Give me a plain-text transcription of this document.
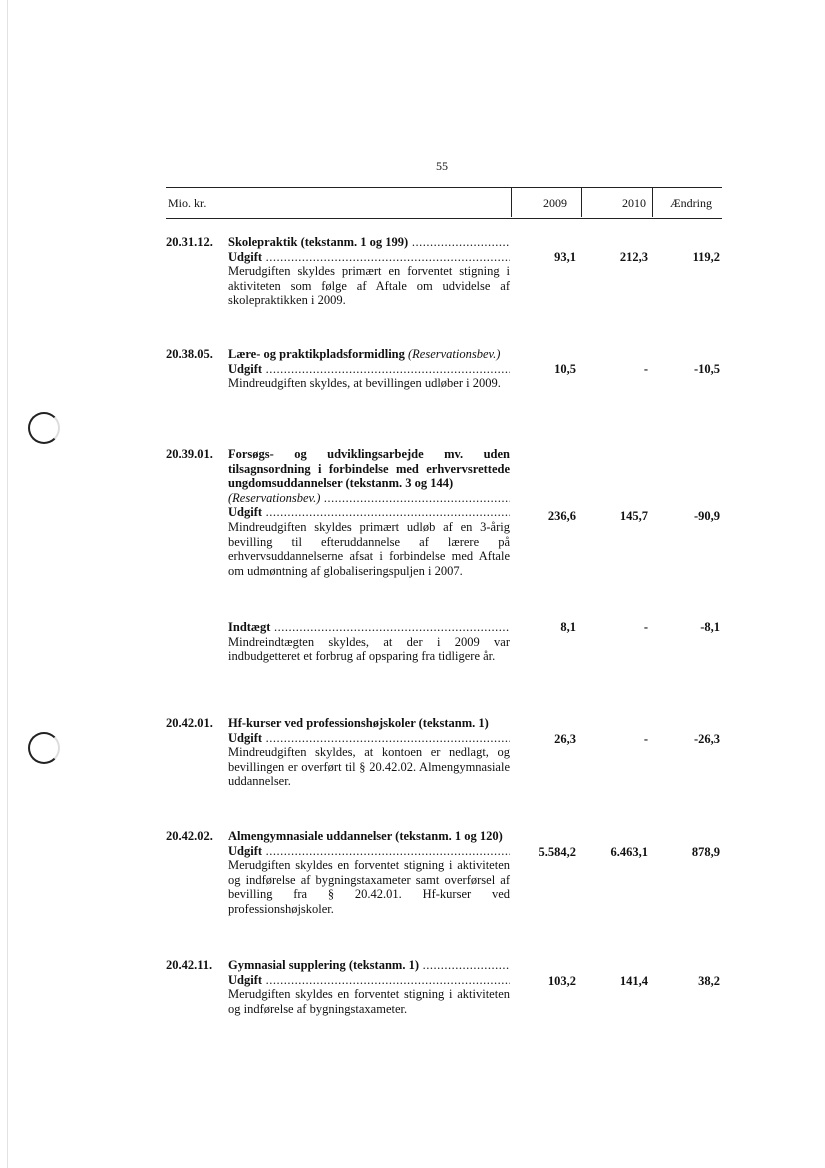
55
Mio. kr.	2009	2010	Ændring
20.31.12. Skolepraktik (tekstanm. 1 og 199) .....
Udgift .....
Merudgiften skyldes primært en forventet stigning i aktiviteten som følge af Aftale om udvidelse af skolepraktikken i 2009.
93,1	212,3	119,2
20.38.05. Lære- og praktikpladsformidling (Reservationsbev.)
Udgift .....
Mindreudgiften skyldes, at bevillingen udløber i 2009.
10,5	-	-10,5
20.39.01. Forsøgs- og udviklingsarbejde mv. uden tilsagnsordning i forbindelse med erhvervsrettede ungdomsuddannelser (tekstanm. 3 og 144)
(Reservationsbev.) .....
Udgift .....
Mindreudgiften skyldes primært udløb af en 3-årig bevilling til efteruddannelse af lærere på erhvervsuddannelserne afsat i forbindelse med Aftale om udmøntning af globaliseringspuljen i 2007.
236,6	145,7	-90,9
Indtægt .....
Mindreindtægten skyldes, at der i 2009 var indbudgetteret et forbrug af opsparing fra tidligere år.
8,1	-	-8,1
20.42.01. Hf-kurser ved professionshøjskoler (tekstanm. 1)
Udgift .....
Mindreudgiften skyldes, at kontoen er nedlagt, og bevillingen er overført til § 20.42.02. Almengymnasiale uddannelser.
26,3	-	-26,3
20.42.02. Almengymnasiale uddannelser (tekstanm. 1 og 120)
Udgift .....
Merudgiften skyldes en forventet stigning i aktiviteten og indførelse af bygningstaxameter samt overførsel af bevilling fra § 20.42.01. Hf-kurser ved professionshøjskoler.
5.584,2	6.463,1	878,9
20.42.11. Gymnasial supplering (tekstanm. 1) .....
Udgift .....
Merudgiften skyldes en forventet stigning i aktiviteten og indførelse af bygningstaxameter.
103,2	141,4	38,2
